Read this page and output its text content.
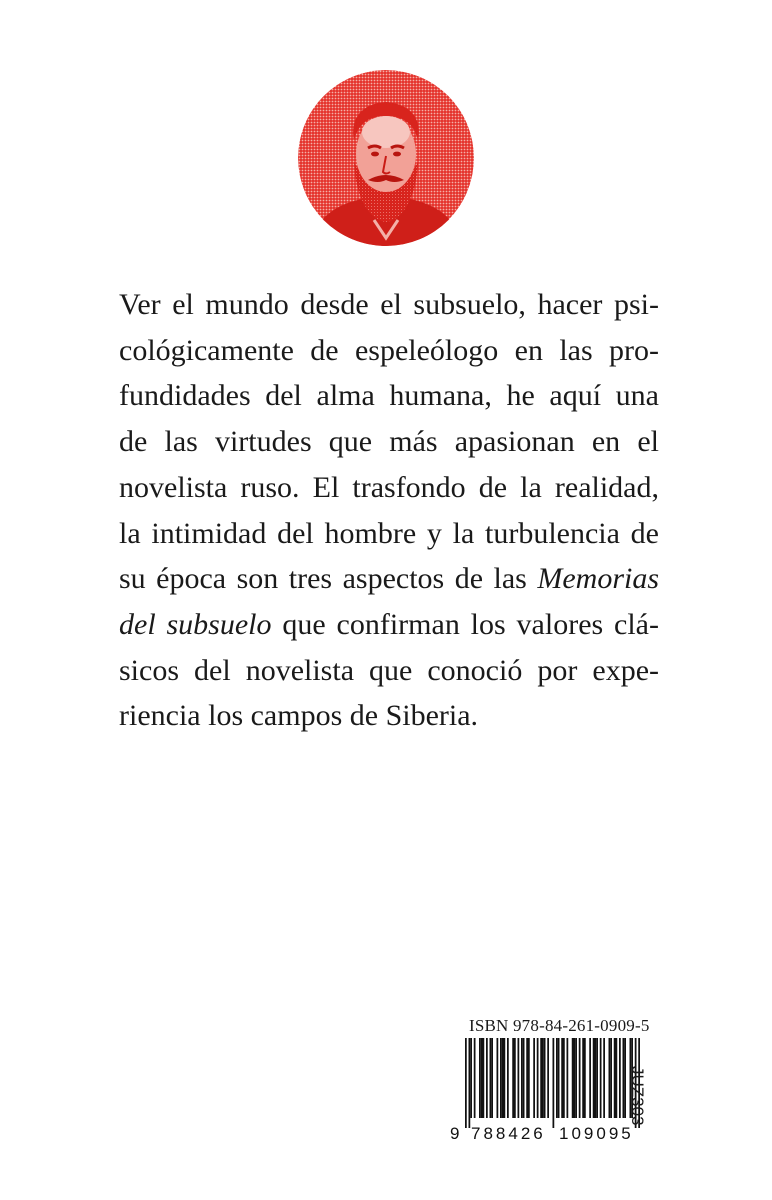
Ver el mundo desde el subsuelo, hacer psi-
cológicamente de espeleólogo en las pro-
fundidades del alma humana, he aquí una
de las virtudes que más apasionan en el
novelista ruso. El trasfondo de la realidad,
la intimidad del hombre y la turbulencia de
su época son tres aspectos de las Memorias
del subsuelo que confirman los valores clá-
sicos del novelista que conoció por expe-
riencia los campos de Siberia.
ISBN 978-84-261-0909-5
9 788426 109095
JUZ303
